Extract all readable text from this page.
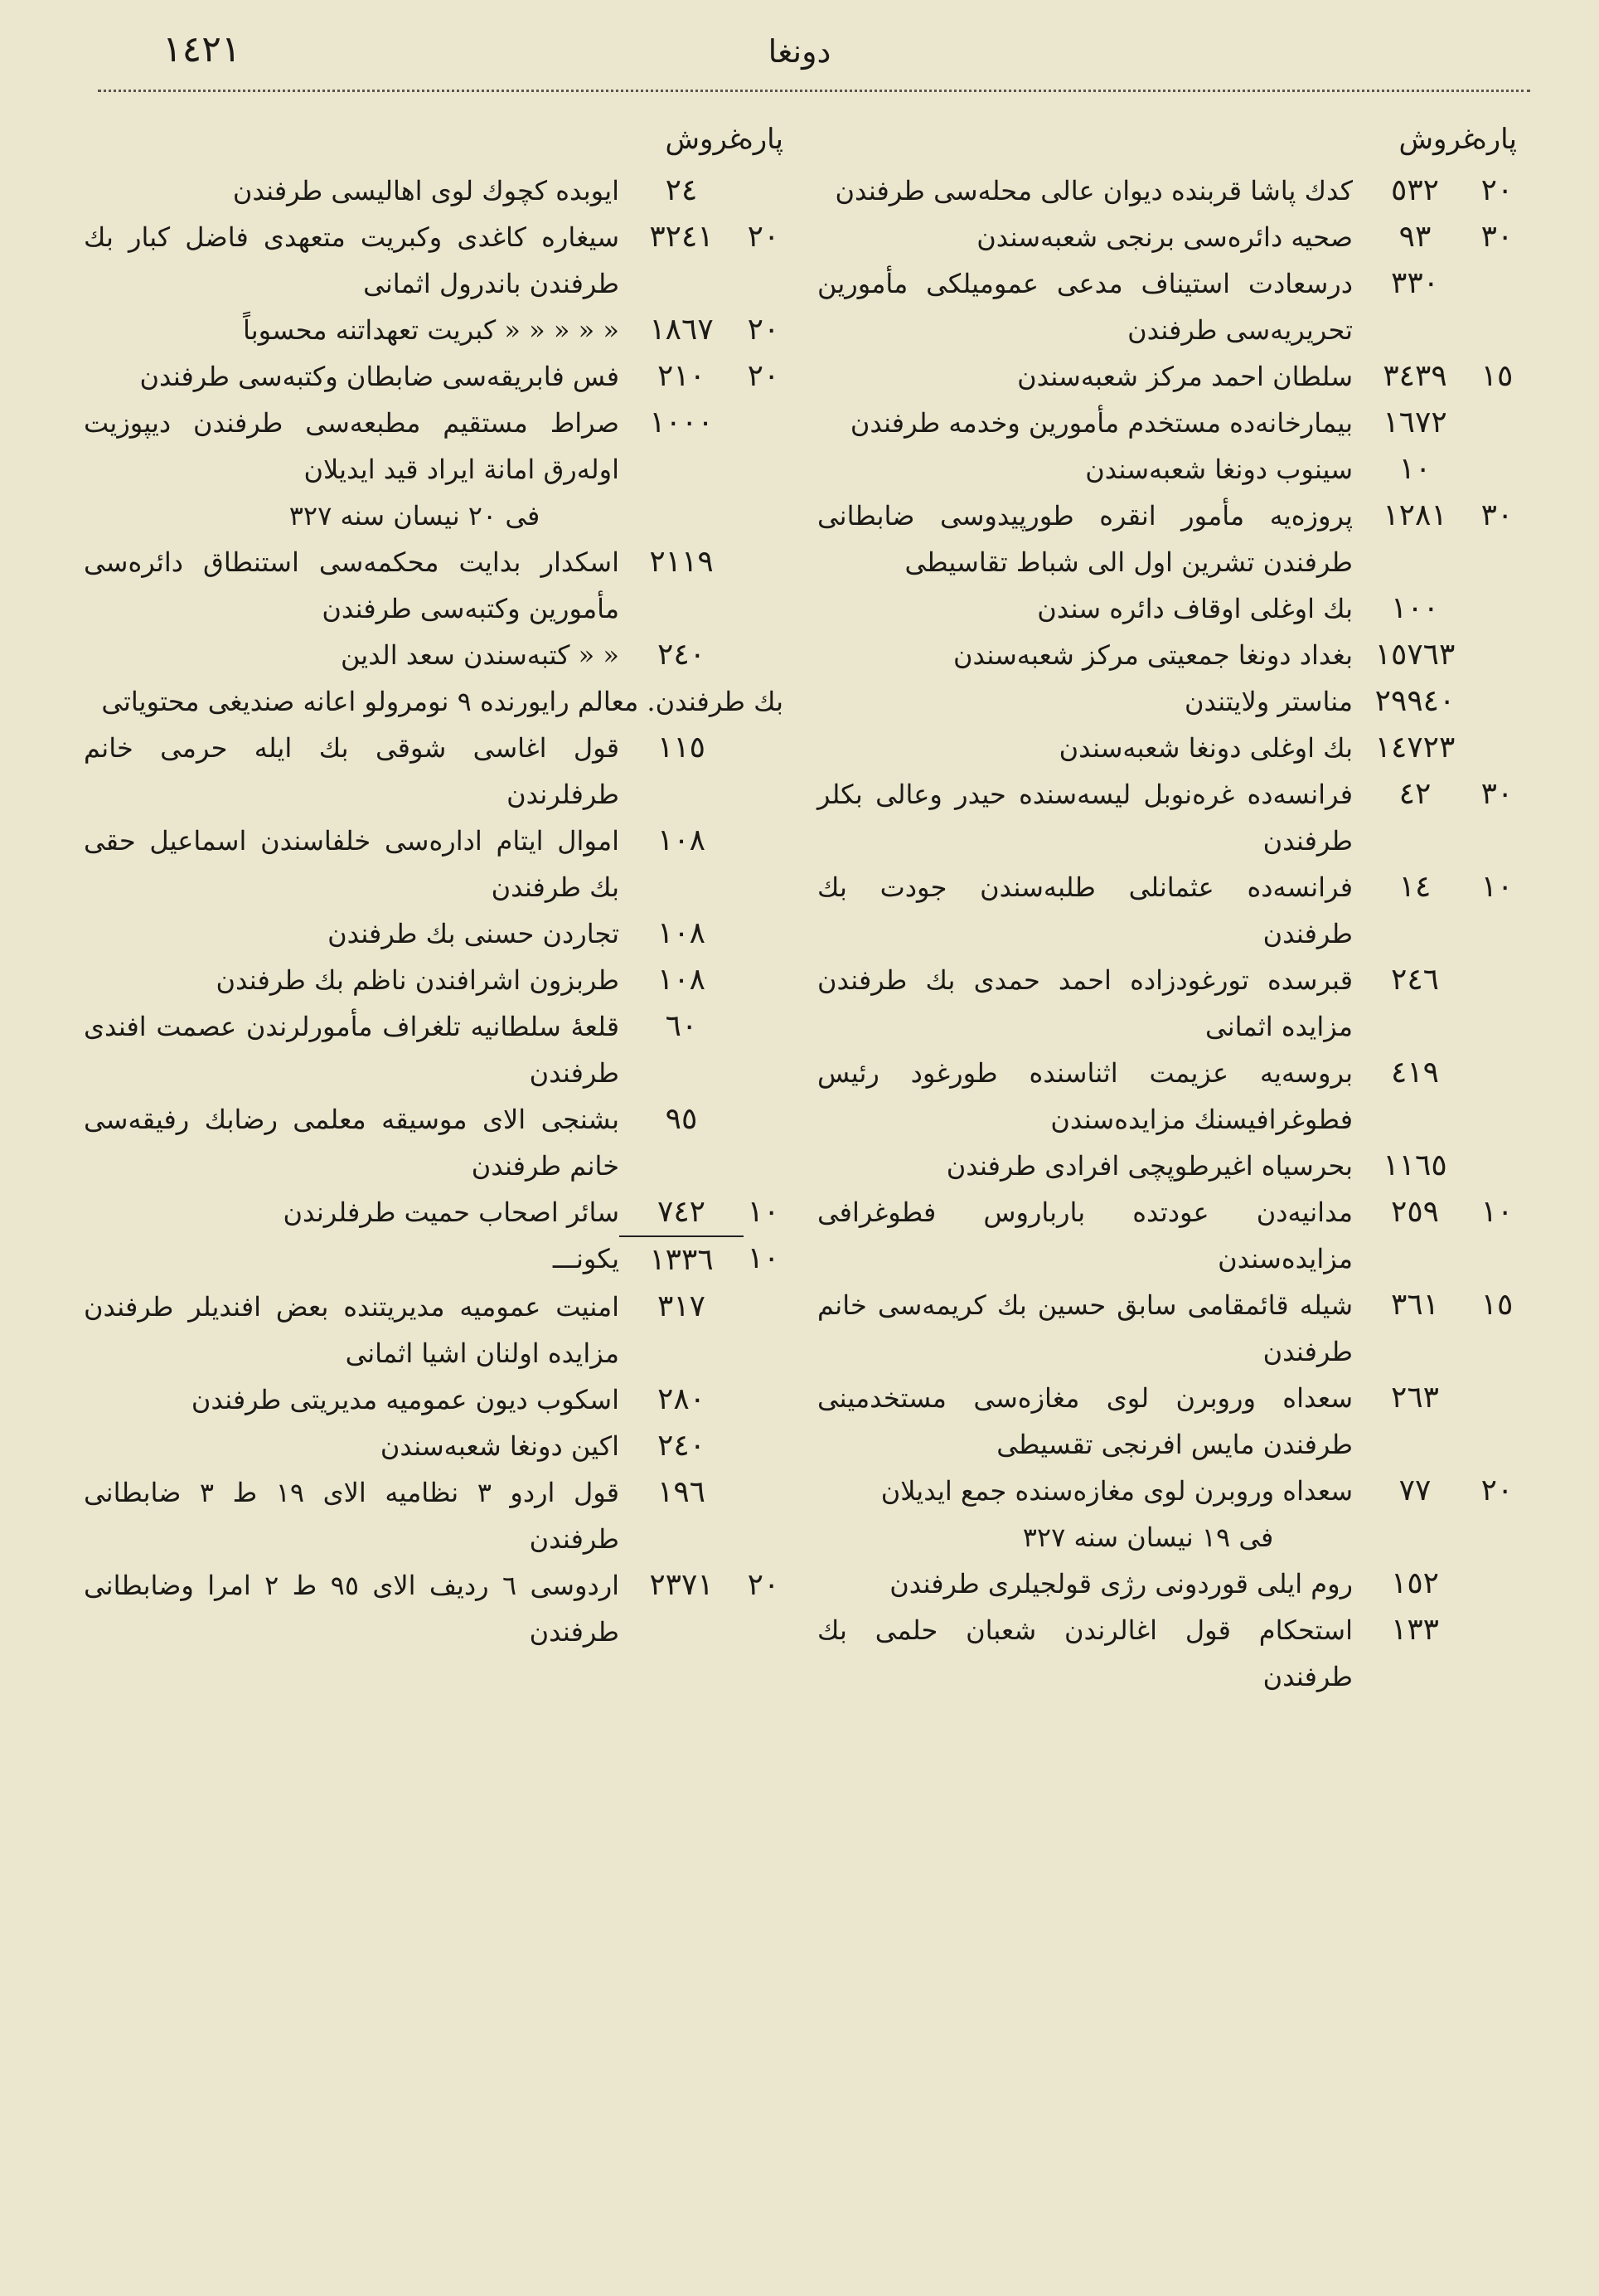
دونغا
١٤٢١
پاره
غروش
٢٠
٥٣٢
كدك پاشا قربنده ديوان عالى محله‌سى طرفندن
٣٠
٩٣
صحيه دائره‌سى برنجى شعبه‌سندن
٣٣٠
درسعادت استيناف مدعى عموميلكى مأمورين تحريريه‌سى طرفندن
١٥
٣٤٣٩
سلطان احمد مركز شعبه‌سندن
١٦٧٢
بيمارخانه‌ده مستخدم مأمورين وخدمه طرفندن
١٠
سينوب دونغا شعبه‌سندن
٣٠
١٢٨١
پروزه‌يه مأمور انقره طورپيدوسى ضابطانى طرفندن تشرين اول الى شباط تقاسيطى
١٠٠
بك اوغلى اوقاف دائره سندن
١٥٧٦٣
بغداد دونغا جمعيتى مركز شعبه‌سندن
٢٩٩٤٠
مناستر ولايتندن
١٤٧٢٣
بك اوغلى دونغا شعبه‌سندن
٣٠
٤٢
فرانسه‌ده غره‌نوبل ليسه‌سنده حيدر وعالى بكلر طرفندن
١٠
١٤
فرانسه‌ده عثمانلى طلبه‌سندن جودت بك طرفندن
٢٤٦
قبرسده تورغودزاده احمد حمدى بك طرفندن مزايده اثمانى
٤١٩
بروسه‌يه عزيمت اثناسنده طورغود رئيس فطوغرافيسنك مزايده‌سندن
١١٦٥
بحرسياه اغيرطوپچى افرادى طرفندن
١٠
٢٥٩
مدانيه‌دن عودتده بارباروس فطوغرافى مزايده‌سندن
١٥
٣٦١
شيله قائمقامى سابق حسين بك كريمه‌سى خانم طرفندن
٢٦٣
سعداه وروبرن لوى مغازه‌سى مستخدمينى طرفندن مايس افرنجى تقسيطى
٢٠
٧٧
سعداه وروبرن لوى مغازه‌سنده جمع ايديلان
فى ١٩ نيسان سنه ٣٢٧
١٥٢
روم ايلى قوردونى رژى قولجيلرى طرفندن
١٣٣
استحكام قول اغالرندن شعبان حلمى بك طرفندن
پاره
غروش
٢٤
ايوبده كچوك لوى اهاليسى طرفندن
٢٠
٣٢٤١
سيغاره كاغدى وكبريت متعهدى فاضل كبار بك طرفندن باندرول اثمانى
٢٠
١٨٦٧
« « « « « كبريت تعهداتنه محسوباً
٢٠
٢١٠
فس فابريقه‌سى ضابطان وكتبه‌سى طرفندن
١٠٠٠
صراط مستقيم مطبعه‌سى طرفندن ديپوزيت اولەرق امانة ايراد قيد ايديلان
فى ٢٠ نيسان سنه ٣٢٧
٢١١٩
اسكدار بدايت محكمه‌سى استنطاق دائره‌سى مأمورين وكتبه‌سى طرفندن
٢٤٠
« « كتبه‌سندن سعد الدين
بك طرفندن. معالم رايورنده ٩ نومرولو اعانه صنديغى محتوياتى
١١٥
قول اغاسى شوقى بك ايله حرمى خانم طرفلرندن
١٠٨
اموال ايتام اداره‌سى خلفاسندن اسماعيل حقى بك طرفندن
١٠٨
تجاردن حسنى بك طرفندن
١٠٨
طربزون اشرافندن ناظم بك طرفندن
٦٠
قلعهٔ سلطانيه تلغراف مأمورلرندن عصمت افندى طرفندن
٩٥
بشنجى الاى موسيقه معلمى رضابك رفيقه‌سى خانم طرفندن
١٠
٧٤٢
سائر اصحاب حميت طرفلرندن
١٠
١٣٣٦
يكونـــ
٣١٧
امنيت عموميه مديريتنده بعض افنديلر طرفندن مزايده اولنان اشيا اثمانى
٢٨٠
اسكوب ديون عموميه مديريتى طرفندن
٢٤٠
اكين دونغا شعبه‌سندن
١٩٦
قول اردو ٣ نظاميه الاى ١٩ ط ٣ ضابطانى طرفندن
٢٠
٢٣٧١
اردوسى ٦ رديف الاى ٩٥ ط ٢ امرا وضابطانى طرفندن
